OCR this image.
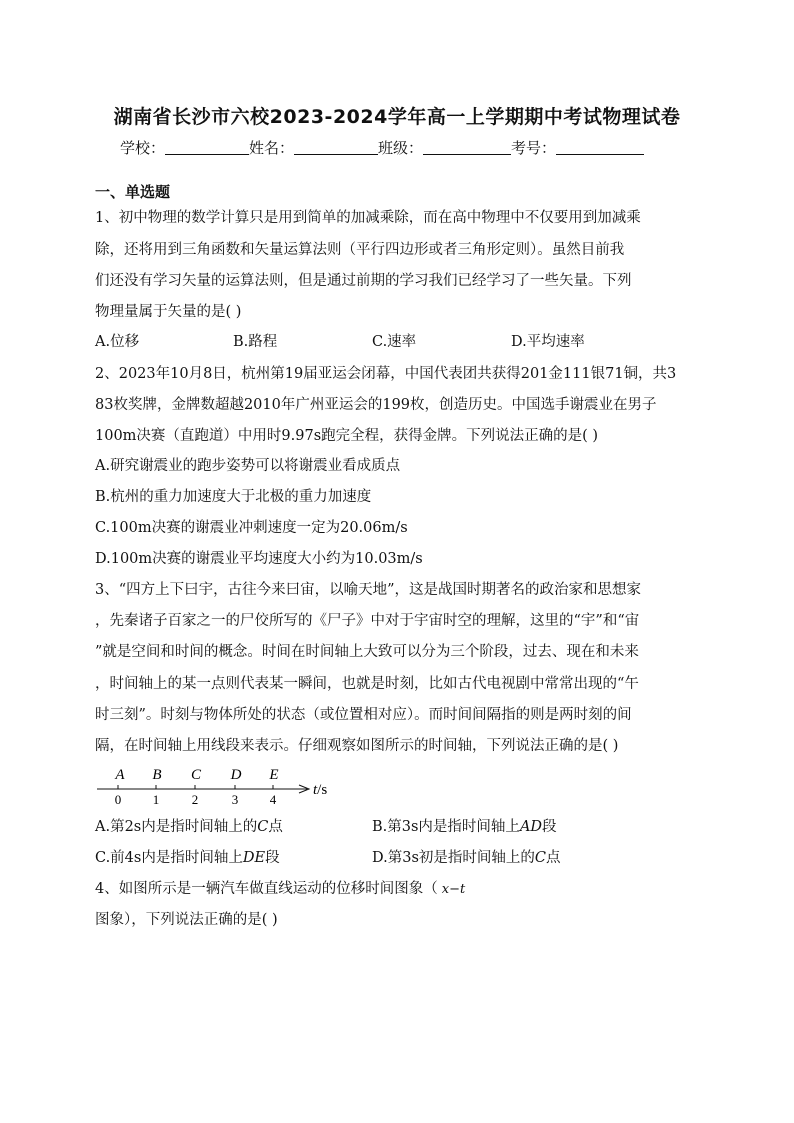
湖南省长沙市六校2023-2024学年高一上学期期中考试物理试卷
学校：	姓名：	班级：	考号：
一、单选题
1、初中物理的数学计算只是用到简单的加减乘除，而在高中物理中不仅要用到加减乘
除，还将用到三角函数和矢量运算法则（平行四边形或者三角形定则）。虽然目前我
们还没有学习矢量的运算法则，但是通过前期的学习我们已经学习了一些矢量。下列
物理量属于矢量的是( )
A.位移	B.路程	C.速率	D.平均速率
2、2023年10月8日，杭州第19届亚运会闭幕，中国代表团共获得201金111银71铜，共3
83枚奖牌，金牌数超越2010年广州亚运会的199枚，创造历史。中国选手谢震业在男子
100m决赛（直跑道）中用时9.97s跑完全程，获得金牌。下列说法正确的是( )
A.研究谢震业的跑步姿势可以将谢震业看成质点
B.杭州的重力加速度大于北极的重力加速度
C.100m决赛的谢震业冲刺速度一定为20.06m/s
D.100m决赛的谢震业平均速度大小约为10.03m/s
3、“四方上下曰宇，古往今来曰宙，以喻天地”，这是战国时期著名的政治家和思想家
，先秦诸子百家之一的尸佼所写的《尸子》中对于宇宙时空的理解，这里的“宇”和“宙
”就是空间和时间的概念。时间在时间轴上大致可以分为三个阶段，过去、现在和未来
，时间轴上的某一点则代表某一瞬间，也就是时刻，比如古代电视剧中常常出现的“午
时三刻”。时刻与物体所处的状态（或位置相对应）。而时间间隔指的则是两时刻的间
隔，在时间轴上用线段来表示。仔细观察如图所示的时间轴，下列说法正确的是( )
A B C D E
0 1	2	3 4
t/s
A.第2s内是指时间轴上的C点	B.第3s内是指时间轴上AD段
C.前4s内是指时间轴上DE段	D.第3s初是指时间轴上的C点
4、如图所示是一辆汽车做直线运动的位移时间图象（ x−t
图象），下列说法正确的是( )
